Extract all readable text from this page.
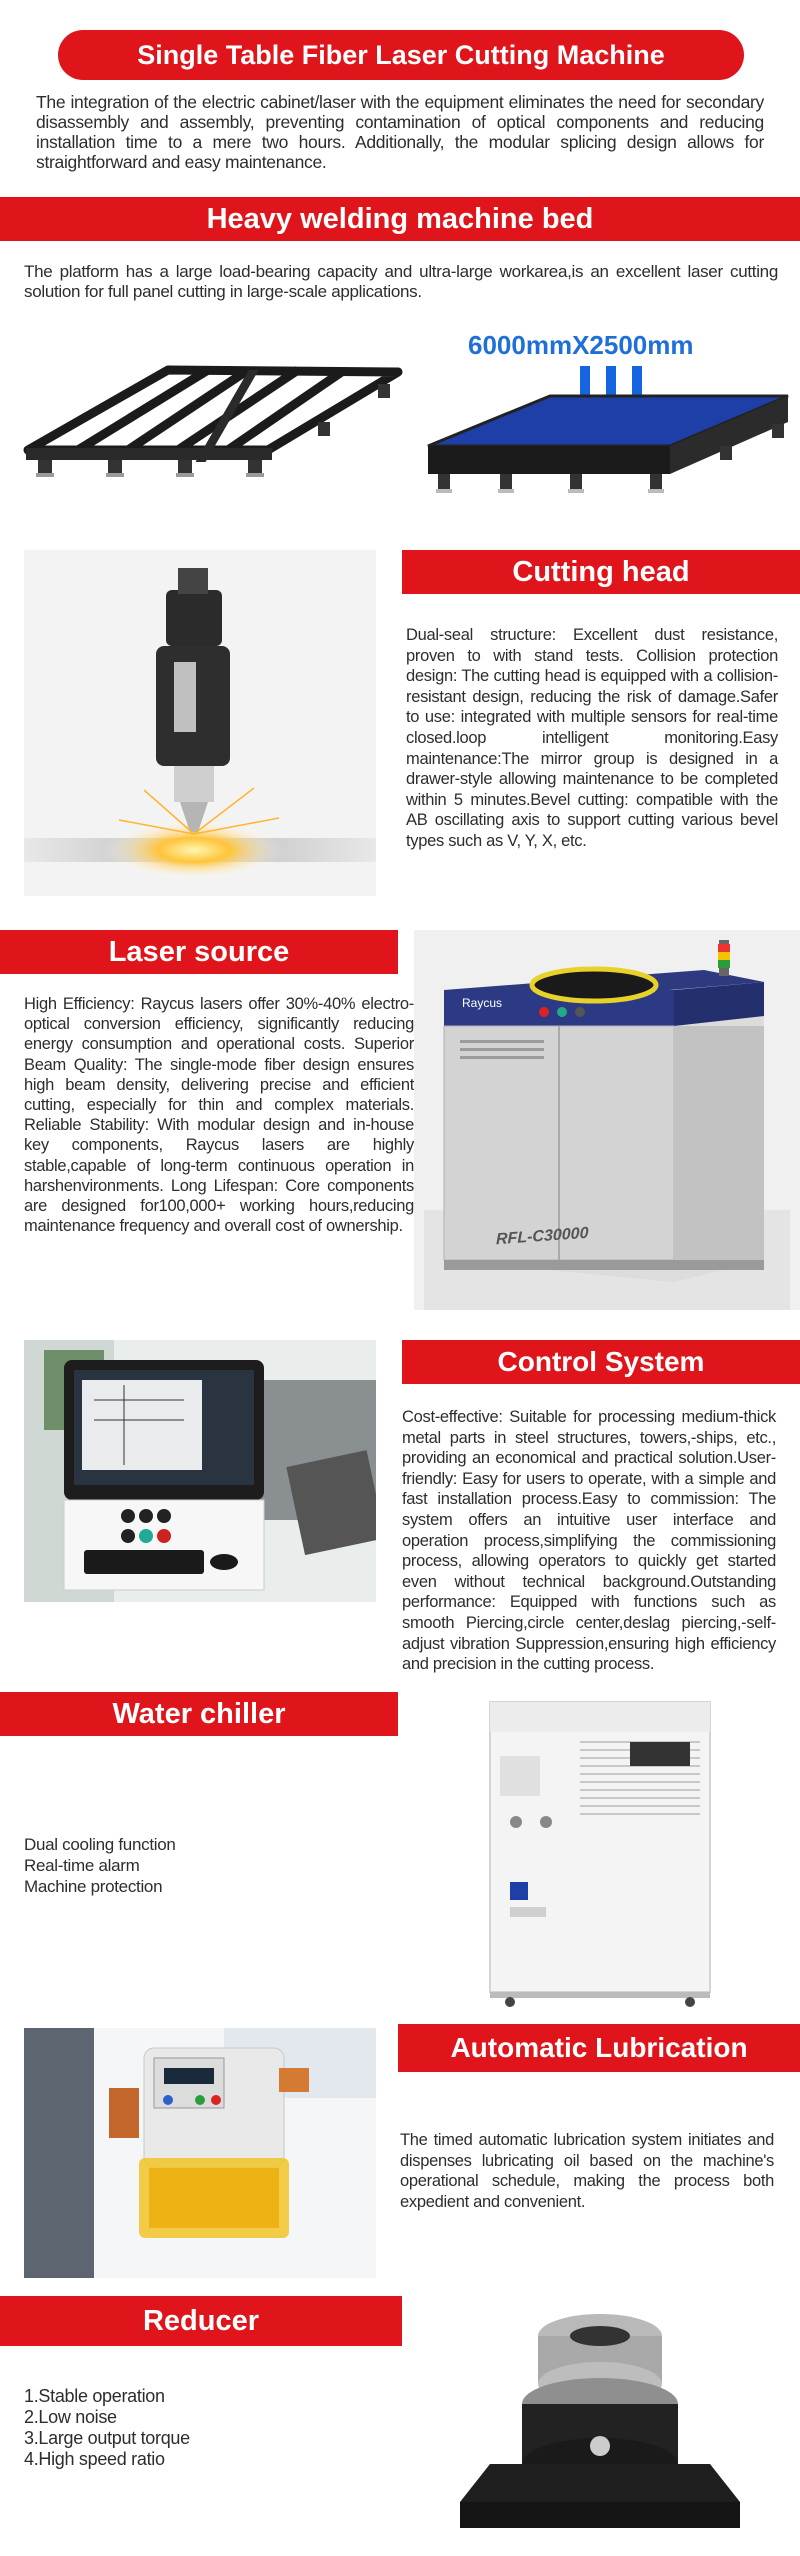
Single Table Fiber Laser Cutting Machine
The integration of the electric cabinet/laser with the equipment eliminates the need for secondary disassembly and assembly, preventing contamination of optical components and reducing installation time to a mere two hours. Additionally, the modular splicing design allows for straightforward and easy maintenance.
Heavy welding machine bed
The platform has a large load-bearing capacity and ultra-large workarea,is an excellent laser cutting solution for full panel cutting in large-scale applications.
6000mmX2500mm
Cutting head
Dual-seal structure: Excellent dust resistance, proven to with stand tests. Collision protection design: The cutting head is equipped with a collision-resistant design, reducing the risk of damage.Safer to use: integrated with multiple sensors for real-time closed.loop intelligent monitoring.Easy maintenance:The mirror group is designed in a drawer-style allowing maintenance to be completed within 5 minutes.Bevel cutting: compatible with the AB oscillating axis to support cutting various bevel types such as V, Y, X, etc.
Laser source
High Efficiency: Raycus lasers offer 30%-40% electro-optical conversion efficiency, significantly reducing energy consumption and operational costs. Superior Beam Quality: The single-mode fiber design ensures high beam density, delivering precise and efficient cutting, especially for thin and complex materials. Reliable Stability: With modular design and in-house key components, Raycus lasers are highly stable,capable of long-term continuous operation in harshenvironments. Long Lifespan: Core components are designed for100,000+ working hours,reducing maintenance frequency and overall cost of ownership.
Raycus
RFL-C30000
Control System
Cost-effective: Suitable for processing medium-thick metal parts in steel structures, towers,-ships, etc., providing an economical and practical solution.User-friendly: Easy for users to operate, with a simple and fast installation process.Easy to commission: The system offers an intuitive user interface and operation process,simplifying the commissioning process, allowing operators to quickly get started even without technical background.Outstanding performance: Equipped with functions such as smooth Piercing,circle center,deslag piercing,-self-adjust vibration Suppression,ensuring high efficiency and precision in the cutting process.
Water chiller
Dual cooling function
Real-time alarm
Machine protection
Automatic Lubrication
The timed automatic lubrication system initiates and dispenses lubricating oil based on the machine's operational schedule, making the process both expedient and convenient.
Reducer
1.Stable operation
2.Low noise
3.Large output torque
4.High speed ratio
